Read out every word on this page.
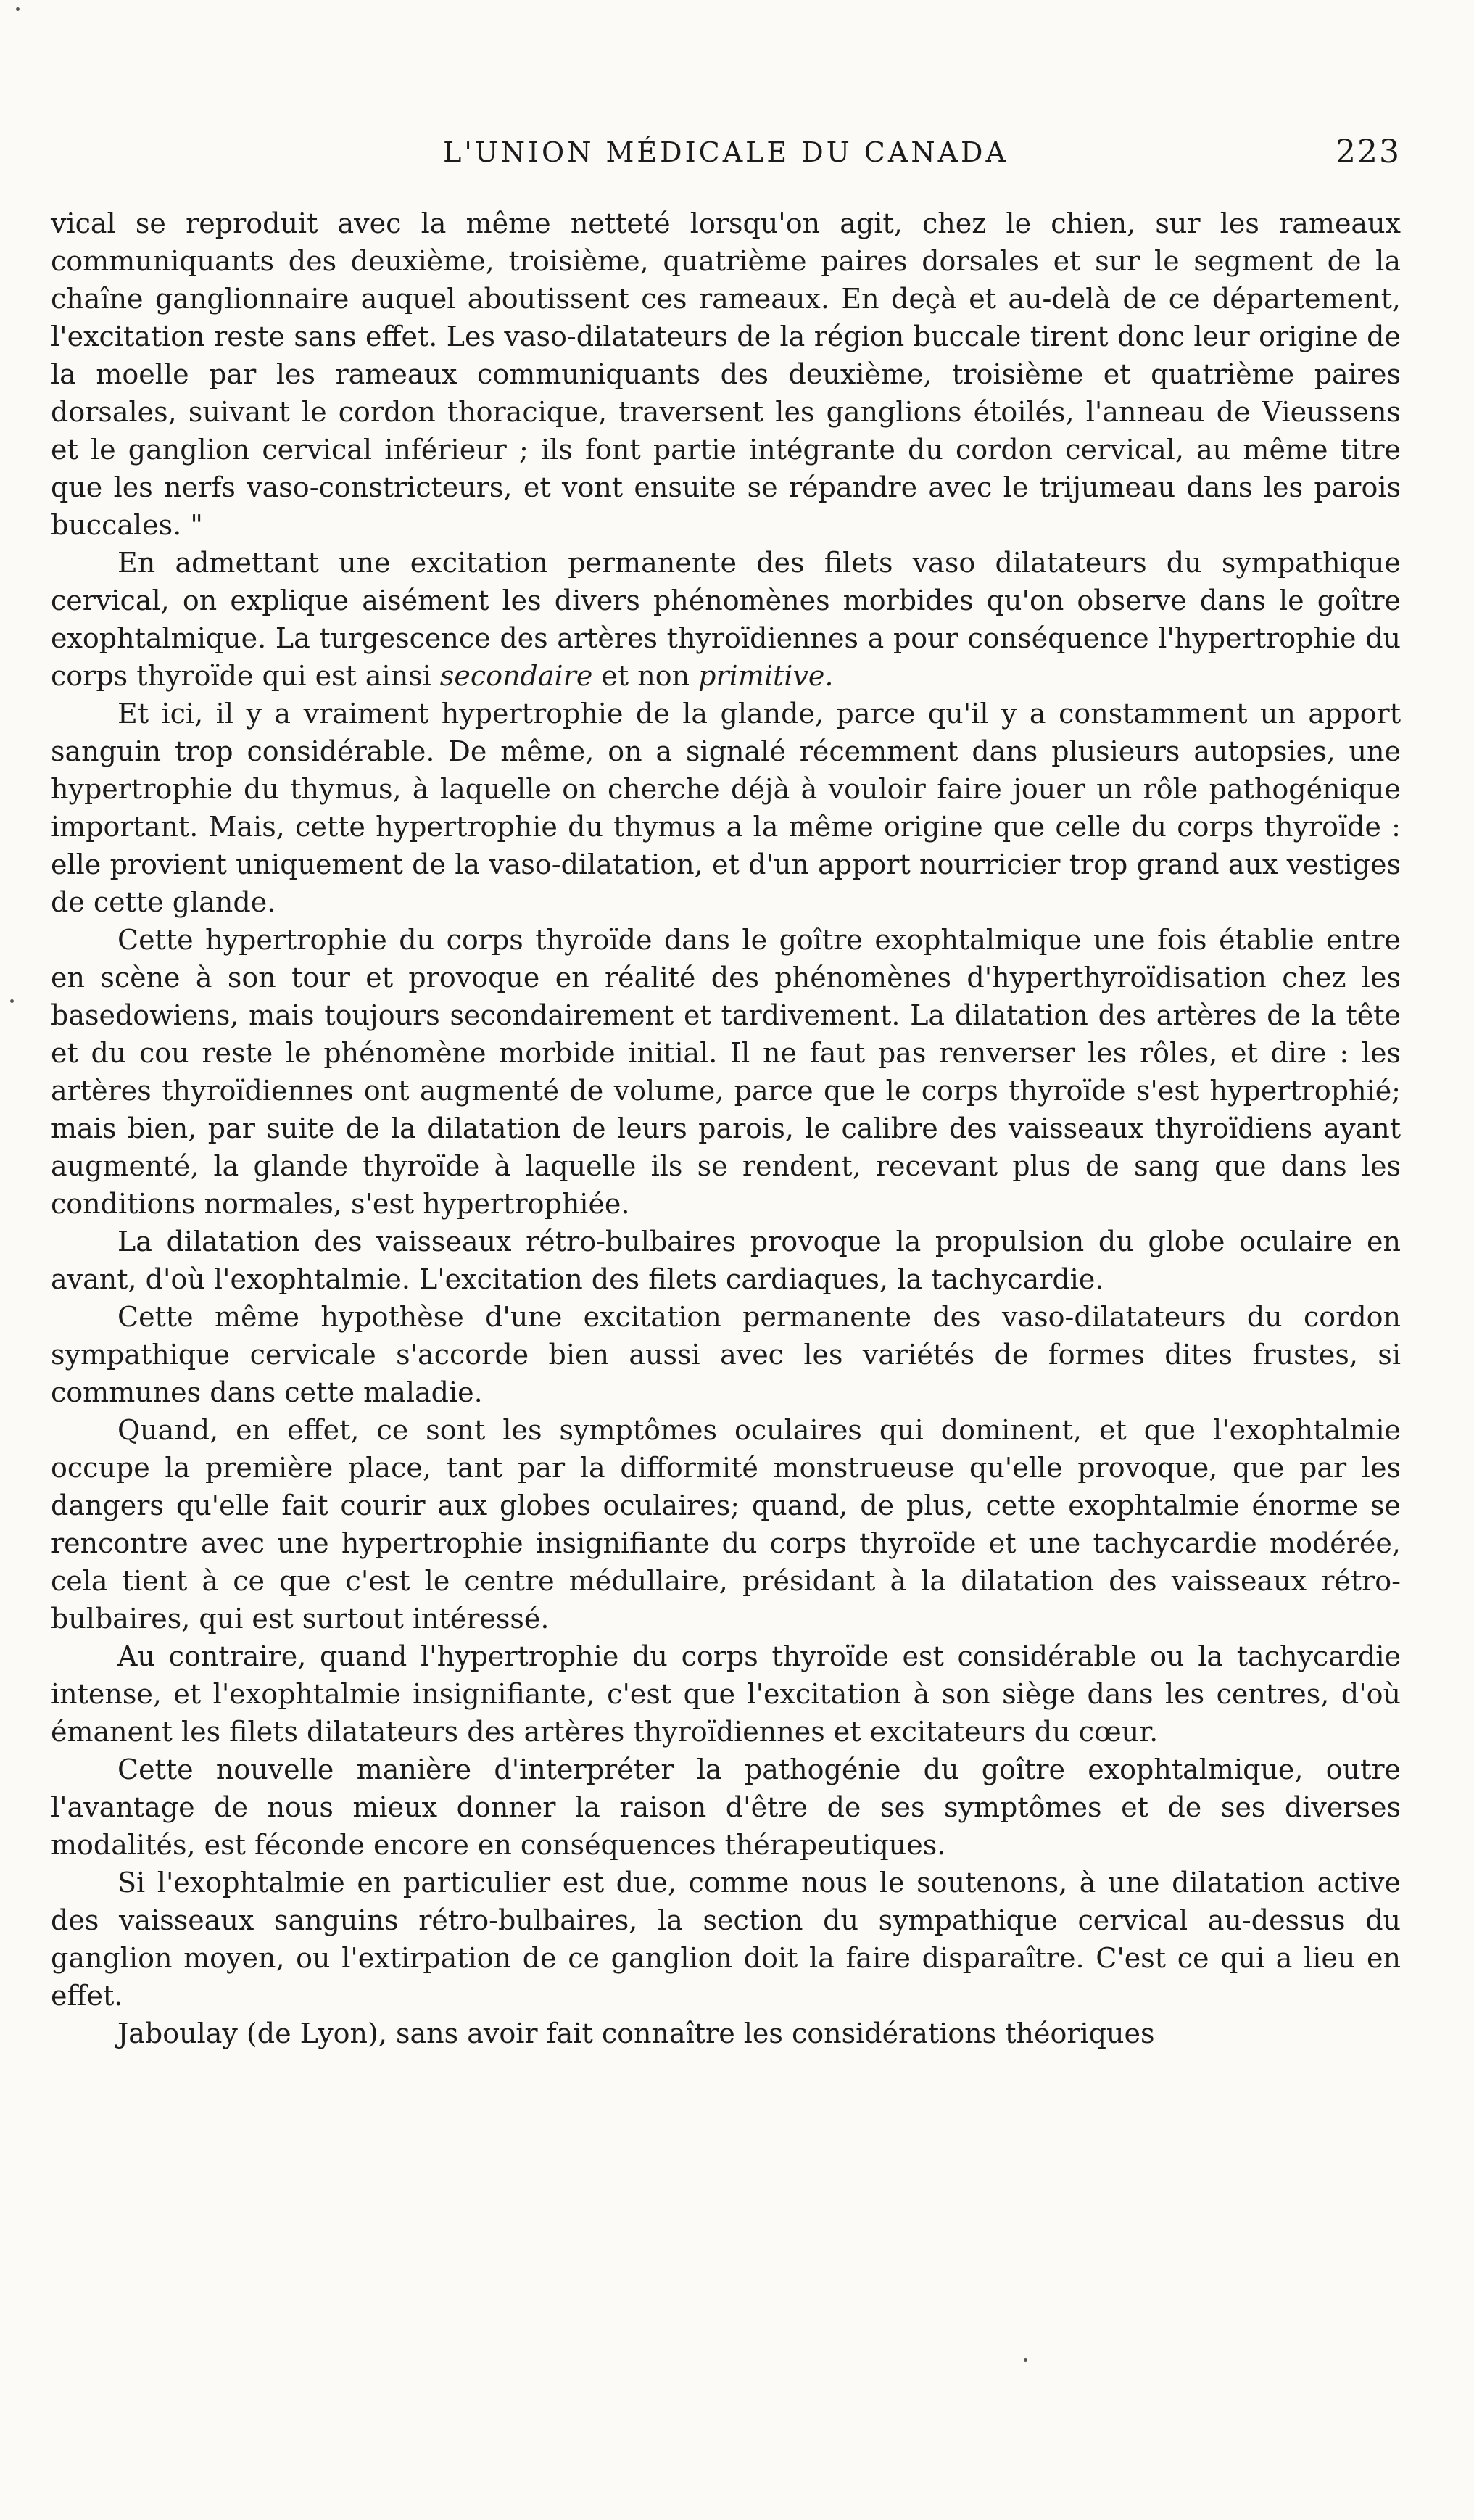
L'UNION MÉDICALE DU CANADA	223

vical se reproduit avec la même netteté lorsqu'on agit, chez le chien, sur les rameaux communiquants des deuxième, troisième, quatrième paires dorsales et sur le segment de la chaîne ganglionnaire auquel aboutissent ces rameaux. En deçà et au-delà de ce département, l'excitation reste sans effet. Les vaso-dilatateurs de la région buccale tirent donc leur origine de la moelle par les rameaux communiquants des deuxième, troisième et quatrième paires dorsales, suivant le cordon thoracique, traversent les ganglions étoilés, l'anneau de Vieussens et le ganglion cervical inférieur ; ils font partie intégrante du cordon cervical, au même titre que les nerfs vaso-constricteurs, et vont ensuite se répandre avec le trijumeau dans les parois buccales. "

En admettant une excitation permanente des filets vaso dilatateurs du sympathique cervical, on explique aisément les divers phénomènes morbides qu'on observe dans le goître exophtalmique. La turgescence des artères thyroïdiennes a pour conséquence l'hypertrophie du corps thyroïde qui est ainsi secondaire et non primitive.

Et ici, il y a vraiment hypertrophie de la glande, parce qu'il y a constamment un apport sanguin trop considérable. De même, on a signalé récemment dans plusieurs autopsies, une hypertrophie du thymus, à laquelle on cherche déjà à vouloir faire jouer un rôle pathogénique important. Mais, cette hypertrophie du thymus a la même origine que celle du corps thyroïde : elle provient uniquement de la vaso-dilatation, et d'un apport nourricier trop grand aux vestiges de cette glande.

Cette hypertrophie du corps thyroïde dans le goître exophtalmique une fois établie entre en scène à son tour et provoque en réalité des phénomènes d'hyperthyroïdisation chez les basedowiens, mais toujours secondairement et tardivement. La dilatation des artères de la tête et du cou reste le phénomène morbide initial. Il ne faut pas renverser les rôles, et dire : les artères thyroïdiennes ont augmenté de volume, parce que le corps thyroïde s'est hypertrophié; mais bien, par suite de la dilatation de leurs parois, le calibre des vaisseaux thyroïdiens ayant augmenté, la glande thyroïde à laquelle ils se rendent, recevant plus de sang que dans les conditions normales, s'est hypertrophiée.

La dilatation des vaisseaux rétro-bulbaires provoque la propulsion du globe oculaire en avant, d'où l'exophtalmie. L'excitation des filets cardiaques, la tachycardie.

Cette même hypothèse d'une excitation permanente des vaso-dilatateurs du cordon sympathique cervicale s'accorde bien aussi avec les variétés de formes dites frustes, si communes dans cette maladie.

Quand, en effet, ce sont les symptômes oculaires qui dominent, et que l'exophtalmie occupe la première place, tant par la difformité monstrueuse qu'elle provoque, que par les dangers qu'elle fait courir aux globes oculaires; quand, de plus, cette exophtalmie énorme se rencontre avec une hypertrophie insignifiante du corps thyroïde et une tachycardie modérée, cela tient à ce que c'est le centre médullaire, présidant à la dilatation des vaisseaux rétro-bulbaires, qui est surtout intéressé.

Au contraire, quand l'hypertrophie du corps thyroïde est considérable ou la tachycardie intense, et l'exophtalmie insignifiante, c'est que l'excitation à son siège dans les centres, d'où émanent les filets dilatateurs des artères thyroïdiennes et excitateurs du cœur.

Cette nouvelle manière d'interpréter la pathogénie du goître exophtalmique, outre l'avantage de nous mieux donner la raison d'être de ses symptômes et de ses diverses modalités, est féconde encore en conséquences thérapeutiques.

Si l'exophtalmie en particulier est due, comme nous le soutenons, à une dilatation active des vaisseaux sanguins rétro-bulbaires, la section du sympathique cervical au-dessus du ganglion moyen, ou l'extirpation de ce ganglion doit la faire disparaître. C'est ce qui a lieu en effet.

Jaboulay (de Lyon), sans avoir fait connaître les considérations théoriques
